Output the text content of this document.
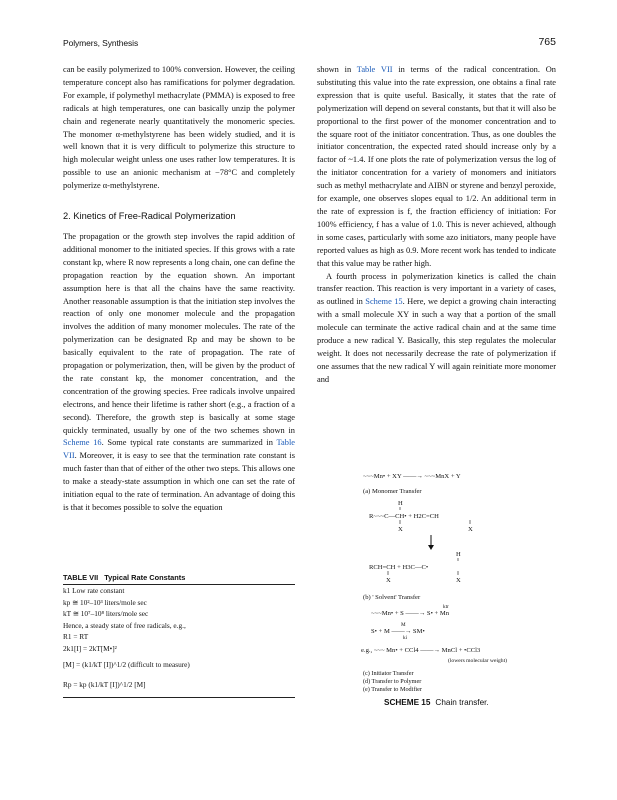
Polymers, Synthesis	765

can be easily polymerized to 100% conversion. However, the ceiling temperature concept also has ramifications for polymer degradation. For example, if polymethyl methacrylate (PMMA) is exposed to free radicals at high temperatures, one can basically unzip the polymer chain and regenerate nearly quantitatively the monomeric species. The monomer α-methylstyrene has been widely studied, and it is well known that it is very difficult to polymerize this structure to high molecular weight unless one uses rather low temperatures. It is possible to use an anionic mechanism at −78°C and completely polymerize α-methylstyrene.

2. Kinetics of Free-Radical Polymerization

The propagation or the growth step involves the rapid addition of additional monomer to the initiated species. If this grows with a rate constant kp, where R now represents a long chain, one can define the propagation reaction by the equation shown. An important assumption here is that all the chains have the same reactivity. Another reasonable assumption is that the initiation step involves the reaction of only one monomer molecule and the propagation involves the addition of many monomer molecules. The rate of the polymerization can be designated Rp and may be shown to be basically equivalent to the rate of propagation. The rate of propagation or polymerization, then, will be given by the product of the rate constant kp, the monomer concentration, and the concentration of the growing species. Free radicals involve unpaired electrons, and hence their lifetime is rather short (e.g., a fraction of a second). Therefore, the growth step is basically at some stage quickly terminated, usually by one of the two schemes shown in Scheme 16. Some typical rate constants are summarized in Table VII. Moreover, it is easy to see that the termination rate constant is much faster than that of either of the other two steps. This allows one to make a steady-state assumption in which one can set the rate of initiation equal to the rate of termination. An advantage of doing this is that it becomes possible to solve the equation

shown in Table VII in terms of the radical concentration. On substituting this value into the rate expression, one obtains a final rate expression that is quite useful. Basically, it states that the rate of polymerization will depend on several constants, but that it will also be proportional to the first power of the monomer concentration and to the square root of the initiator concentration. Thus, as one doubles the initiator concentration, the expected rated should increase only by a factor of ~1.4. If one plots the rate of polymerization versus the log of the initiator concentration for a variety of monomers and initiators such as methyl methacrylate and AIBN or styrene and benzyl peroxide, for example, one observes slopes equal to 1/2. An additional term in the rate of expression is f, the fraction efficiency of initiation: For 100% efficiency, f has a value of 1.0. This is never achieved, although in some cases, particularly with some azo initiators, many people have reported values as high as 0.9. More recent work has tended to indicate that this value may be rather high.

A fourth process in polymerization kinetics is called the chain transfer reaction. This reaction is very important in a variety of cases, as outlined in Scheme 15. Here, we depict a growing chain interacting with a small molecule XY in such a way that a portion of the small molecule can terminate the active radical chain and at the same time produce a new radical Y. Basically, this step regulates the molecular weight. It does not necessarily decrease the rate of polymerization if one assumes that the new radical Y will again reinitiate more monomer and

TABLE VII Typical Rate Constants
k1 Low rate constant
kp ≅ 10²–10³ liters/mole sec
kT ≅ 10⁷–10⁸ liters/mole sec
Hence, a steady state of free radicals, e.g.,
R1 = RT
2k1[I] = 2kT[M•]²
[M] = (k1/kT [I])^1/2 (difficult to measure)
Rp = kp (k1/kT [I])^1/2 [M]
~~~Mn• + XY ——→ ~~~MnX + Y
(a) Monomer Transfer
H
R~~~C—CH• + H2C=CH
X	X
H
RCH=CH + H3C—C•
X	X
(b) ' Solvent' Transfer
ktr
~~~Mn• + S ——→ S• + Mn
M
S• + M ——→ SM•
ki
e.g., ~~~ Mn• + CCl4 ——→ MnCl + •CCl3
(lowers molecular weight)
(c) Initiator Transfer
(d) Transfer to Polymer
(e) Transfer to Modifier
SCHEME 15 Chain transfer.
